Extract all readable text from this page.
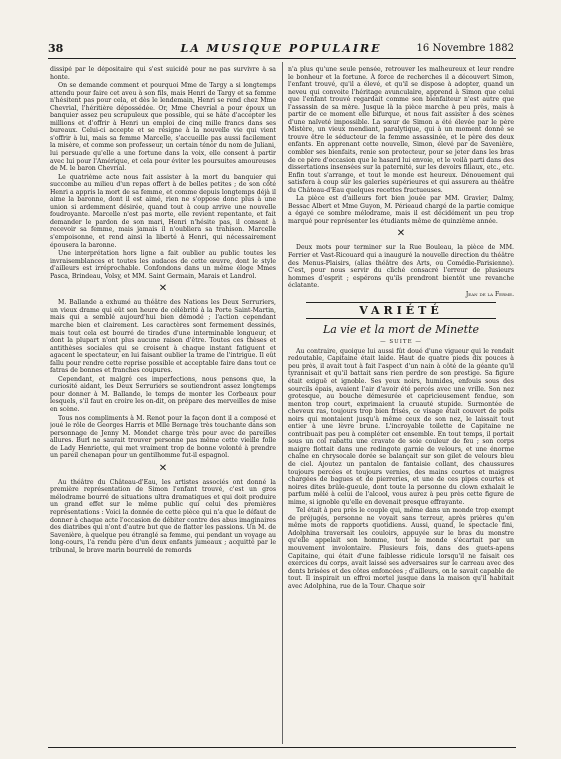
38	LA MUSIQUE POPULAIRE	16 Novembre 1882

dissipé par le dépositaire qui s'est suicidé pour ne pas survivre à sa honte.

On se demande comment et pourquoi Mme de Targy a si longtemps attendu pour faire cet aveu à son fils, mais Henri de Targy et sa femme n'hésitent pas pour cela, et dès le lendemain, Henri se rend chez Mme Chevrial, l'héritière dépossédée. Or, Mme Chevrial a pour époux un banquier assez peu scrupuleux que possible, qui se hâte d'accepter les millions et d'offrir à Henri un emploi de cinq mille francs dans ses bureaux. Celui-ci accepte et se résigne à la nouvelle vie qui vient s'offrir à lui, mais sa femme Marcelle, s'accueille pas aussi facilement la misère, et comme son professeur, un certain ténor du nom de Juliani, lui persuade qu'elle a une fortune dans la voix, elle consent à partir avec lui pour l'Amérique, et cela pour éviter les poursuites amoureuses de M. le baron Chevrial.

Le quatrième acte nous fait assister à la mort du banquier qui succombe au milieu d'un repas offert à de belles petites ; de son côté Henri a appris la mort de sa femme, et comme depuis longtemps déjà il aime la baronne, dont il est aimé, rien ne s'oppose donc plus à une union si ardemment désirée, quand tout à coup arrive une nouvelle foudroyante. Marcelle n'est pas morte, elle revient repentante, et fait demander le pardon de son mari, Henri n'hésite pas, il consent à recevoir sa femme, mais jamais il n'oubliera sa trahison. Marcelle s'empoisonne, et rend ainsi la liberté à Henri, qui nécessairement épousera la baronne.

Une interprétation hors ligne a fait oublier au public toutes les invraisemblances et toutes les audaces de cette œuvre, dont le style d'ailleurs est irréprochable. Confondons dans un même éloge Mmes Pasca, Brindeau, Volsy, et MM. Saint Germain, Marais et Landrol.

✕

M. Ballande a exhumé au théâtre des Nations les Deux Serruriers, un vieux drame qui eût son heure de célébrité à la Porte Saint-Martin, mais qui a semblé aujourd'hui bien démodé ; l'action cependant marche bien et clairement. Les caractères sont fermement dessinés, mais tout cela est bourré de tirades d'une interminable longueur, et dont la plupart n'ont plus aucune raison d'être. Toutes ces thèses et antithèses sociales qui se croisent à chaque instant fatiguent et agacent le spectateur, en lui faisant oublier la trame de l'intrigue. Il eût fallu pour rendre cette reprise possible et acceptable faire dans tout ce fatras de bonnes et franches coupures.

Cependant, et malgré ces imperfections, nous pensons que, la curiosité aidant, les Deux Serruriers se soutiendront assez longtemps pour donner à M. Ballande, le temps de monter les Corbeaux pour lesquels, s'il faut en croire les on-dit, on prépare des merveilles de mise en scène.

Tous nos compliments à M. Renot pour la façon dont il a composé et joué le rôle de Georges Harris et Mlle Bernage très touchante dans son personnage de Jenny M. Mondet charge très pour avec de pareilles allures. Burl ne saurait trouver personne pas même cette vieille folle de Lady Henriette, qui met vraiment trop de bonne volonté à prendre un pareil chenapan pour un gentilhomme fut-il espagnol.

✕

Au théâtre du Château-d'Eau, les artistes associés ont donné la première représentation de Simon l'enfant trouvé, c'est un gros mélodrame bourré de situations ultra dramatiques et qui doit produire un grand effet sur le même public qui celui des premières représentations : Voici la donnée de cette pièce qui n'a que le défaut de donner à chaque acte l'occasion de débiter contre des abus imaginaires des diatribes qui n'ont d'autre but que de flatter les passions. Un M. de Savenière, à quelque peu étranglé sa femme, qui pendant un voyage au long-cours, l'a rendu père d'un deux enfants jumeaux ; acquitté par le tribunal, le brave marin bourrelé de remords

n'a plus qu'une seule pensée, retrouver les malheureux et leur rendre le bonheur et la fortune. À force de recherches il a découvert Simon, l'enfant trouvé, qu'il a élevé, et qu'il se dispose à adopter, quand un neveu qui convoite l'héritage avunculaire, apprend à Simon que celui que l'enfant trouvé regardait comme son bienfaiteur n'est autre que l'assassin de sa mère. Jusque là la pièce marche à peu près, mais à partir de ce moment elle bifurque, et nous fait assister à des scènes d'une naïveté impossible. La sœur de Simon a été élevée par le père Mistère, un vieux mendiant, paralytique, qui à un moment donné se trouve être le séducteur de la femme assassinée, et le père des deux enfants. En apprenant cette nouvelle, Simon, élevé par de Savenière, combler ses bienfaits, renie son protecteur, pour se jeter dans les bras de ce père d'occasion que le hasard lui envoie, et le voilà parti dans des dissertations insensées sur la paternité, sur les devoirs filiaux, etc., etc. Enfin tout s'arrange, et tout le monde est heureux. Dénouement qui satisfera à coup sûr les galeries supérieures et qui assurera au théâtre du Château-d'Eau quelques recettes fructueuses.

La pièce est d'ailleurs fort bien jouée par MM. Gravier, Dalmy, Bessac Albert et Mme Guyon, M. Périeaud chargé de la partie comique a égayé ce sombre mélodrame, mais il est décidément un peu trop marqué pour représenter les étudiants même de quinzième année.

✕

Deux mots pour terminer sur la Rue Bouleau, la pièce de MM. Ferrier et Vast-Ricouard qui a inauguré la nouvelle direction du théâtre des Menus-Plaisirs, (alias théâtre des Arts, ou Comédie-Parisienne). C'est, pour nous servir du cliché consacré l'erreur de plusieurs hommes d'esprit ; espérons qu'ils prendront bientôt une revanche éclatante.

Jean de la Ferme.
VARIÉTÉ
La vie et la mort de Minette
— SUITE —

Au contraire, quoique lui aussi fût doué d'une vigueur qui le rendait redoutable, Capitaine était laide. Haut de quatre pieds dix pouces à peu près, il avait tout à fait l'aspect d'un nain à côté de la géante qu'il tyrannisait et qu'il battait sans rien perdre de son prestige. Sa figure était exiguë et ignoble. Ses yeux noirs, humides, enfouis sous des sourcils épais, avaient l'air d'avoir été percés avec une vrille. Son nez grotesque, au bouche démesurée et capricieusement fendue, son menton trop court, exprimaient la cruauté stupide. Surmontée de cheveux ras, toujours trop bien frisés, ce visage était couvert de poils noirs qui montaient jusqu'à même ceux de son nez, le laissait tout entier à une lèvre brune. L'incroyable toilette de Capitaine ne contribuait pas peu à compléter cet ensemble. En tout temps, il portait sous un col rabattu une cravate de soie couleur de feu ; son corps maigre flottait dans une redingote garnie de velours, et une énorme chaîne en chrysocale dorée se balançait sur son gilet de velours bleu de ciel. Ajoutez un pantalon de fantaisie collant, des chaussures toujours percées et toujours vernies, des mains courtes et maigres chargées de bagues et de pierreries, et une de ces pipes courtes et noires dites brûle-gueule, dont toute la personne du clown exhalait le parfum mêlé à celui de l'alcool, vous aurez à peu près cette figure de mime, si ignoble qu'elle en devenait presque effrayante.

Tel était à peu près le couple qui, même dans un monde trop exempt de préjugés, personne ne voyait sans terreur, après prières qu'en même mots de rapports quotidiens. Aussi, quand, le spectacle fini, Adolphina traversait les couloirs, appuyée sur le bras du monstre qu'elle appelait son homme, tout le monde s'écartait par un mouvement involontaire. Plusieurs fois, dans des guets-apens Capitaine, qui était d'une faiblesse ridicule lorsqu'il ne faisait ces exercices du corps, avait laissé ses adversaires sur le carreau avec des dents brisées et des côtes enfoncées ; d'ailleurs, on le savait capable de tout. Il inspirait un effroi mortel jusque dans la maison qu'il habitait avec Adolphina, rue de la Tour. Chaque soir
